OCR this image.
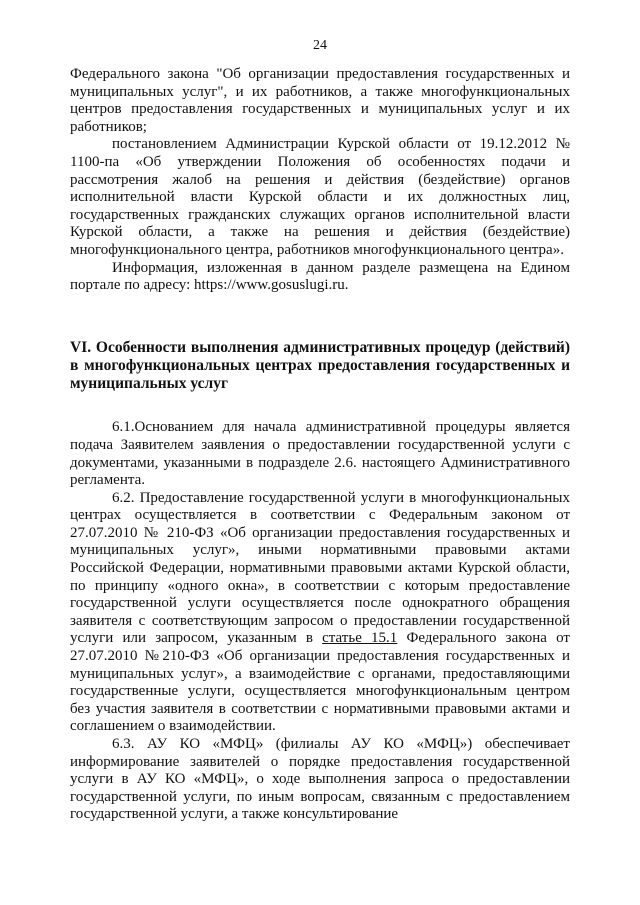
24

Федерального закона "Об организации предоставления государственных и муниципальных услуг", и их работников, а также многофункциональных центров предоставления государственных и муниципальных услуг и их работников;

постановлением Администрации Курской области от 19.12.2012 № 1100-па «Об утверждении Положения об особенностях подачи и рассмотрения жалоб на решения и действия (бездействие) органов исполнительной власти Курской области и их должностных лиц, государственных гражданских служащих органов исполнительной власти Курской области, а также на решения и действия (бездействие) многофункционального центра, работников многофункционального центра».

Информация, изложенная в данном разделе размещена на Едином портале по адресу: https://www.gosuslugi.ru.

VI. Особенности выполнения административных процедур (действий) в многофункциональных центрах предоставления государственных и муниципальных услуг

6.1.Основанием для начала административной процедуры является подача Заявителем заявления о предоставлении государственной услуги с документами, указанными в подразделе 2.6. настоящего Административного регламента.

6.2. Предоставление государственной услуги в многофункциональных центрах осуществляется в соответствии с Федеральным законом от 27.07.2010 № 210-ФЗ «Об организации предоставления государственных и муниципальных услуг», иными нормативными правовыми актами Российской Федерации, нормативными правовыми актами Курской области, по принципу «одного окна», в соответствии с которым предоставление государственной услуги осуществляется после однократного обращения заявителя с соответствующим запросом о предоставлении государственной услуги или запросом, указанным в статье 15.1 Федерального закона от 27.07.2010 №210-ФЗ «Об организации предоставления государственных и муниципальных услуг», а взаимодействие с органами, предоставляющими государственные услуги, осуществляется многофункциональным центром без участия заявителя в соответствии с нормативными правовыми актами и соглашением о взаимодействии.

6.3. АУ КО «МФЦ» (филиалы АУ КО «МФЦ») обеспечивает информирование заявителей о порядке предоставления государственной услуги в АУ КО «МФЦ», о ходе выполнения запроса о предоставлении государственной услуги, по иным вопросам, связанным с предоставлением государственной услуги, а также консультирование
